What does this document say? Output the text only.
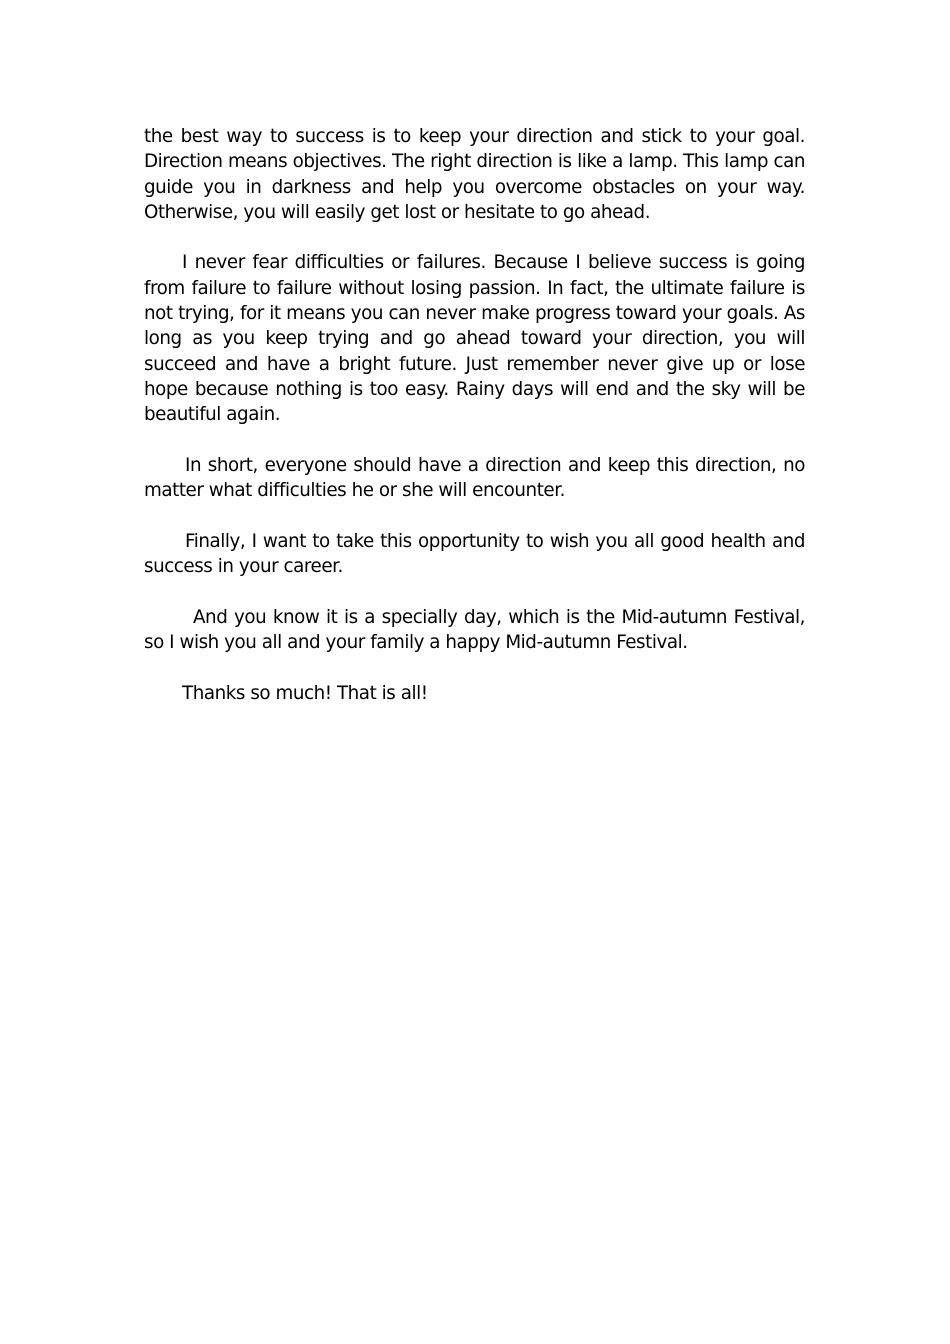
the best way to success is to keep your direction and stick to your goal. Direction means objectives. The right direction is like a lamp. This lamp can guide you in darkness and help you overcome obstacles on your way. Otherwise, you will easily get lost or hesitate to go ahead.

I never fear difficulties or failures. Because I believe success is going from failure to failure without losing passion. In fact, the ultimate failure is not trying, for it means you can never make progress toward your goals. As long as you keep trying and go ahead toward your direction, you will succeed and have a bright future. Just remember never give up or lose hope because nothing is too easy. Rainy days will end and the sky will be beautiful again.

In short, everyone should have a direction and keep this direction, no matter what difficulties he or she will encounter.

Finally, I want to take this opportunity to wish you all good health and success in your career.

And you know it is a specially day, which is the Mid-autumn Festival, so I wish you all and your family a happy Mid-autumn Festival.

Thanks so much! That is all!
